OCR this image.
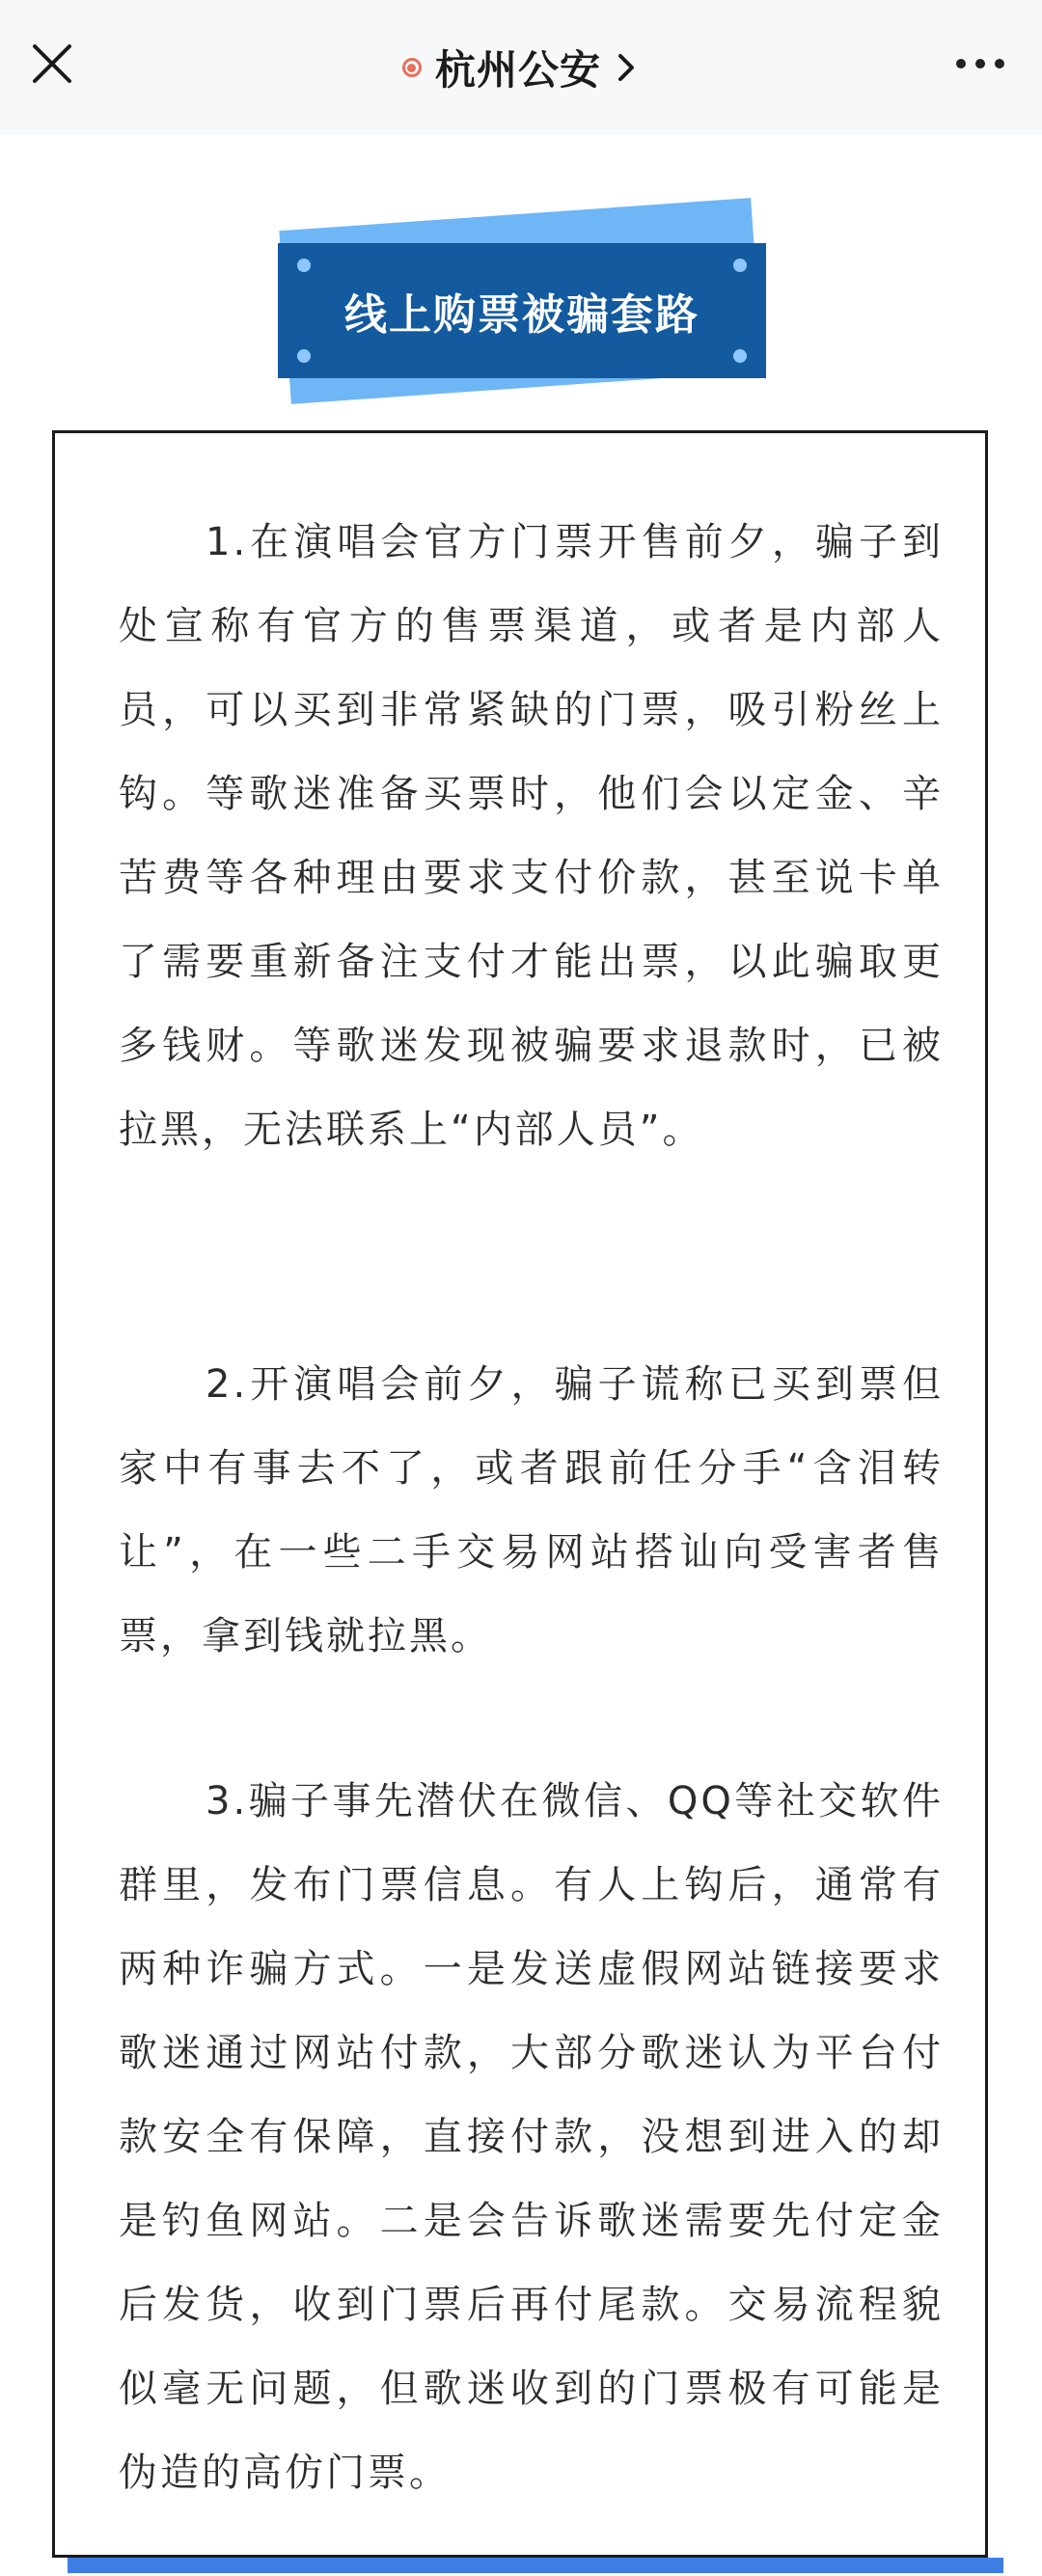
杭州公安
线上购票被骗套路

1.在演唱会官方门票开售前夕，骗子到处宣称有官方的售票渠道，或者是内部人员，可以买到非常紧缺的门票，吸引粉丝上钩。等歌迷准备买票时，他们会以定金、辛苦费等各种理由要求支付价款，甚至说卡单了需要重新备注支付才能出票，以此骗取更多钱财。等歌迷发现被骗要求退款时，已被拉黑，无法联系上“内部人员”。

2.开演唱会前夕，骗子谎称已买到票但家中有事去不了，或者跟前任分手“含泪转让”，在一些二手交易网站搭讪向受害者售票，拿到钱就拉黑。

3.骗子事先潜伏在微信、QQ等社交软件群里，发布门票信息。有人上钩后，通常有两种诈骗方式。一是发送虚假网站链接要求歌迷通过网站付款，大部分歌迷认为平台付款安全有保障，直接付款，没想到进入的却是钓鱼网站。二是会告诉歌迷需要先付定金后发货，收到门票后再付尾款。交易流程貌似毫无问题，但歌迷收到的门票极有可能是伪造的高仿门票。
